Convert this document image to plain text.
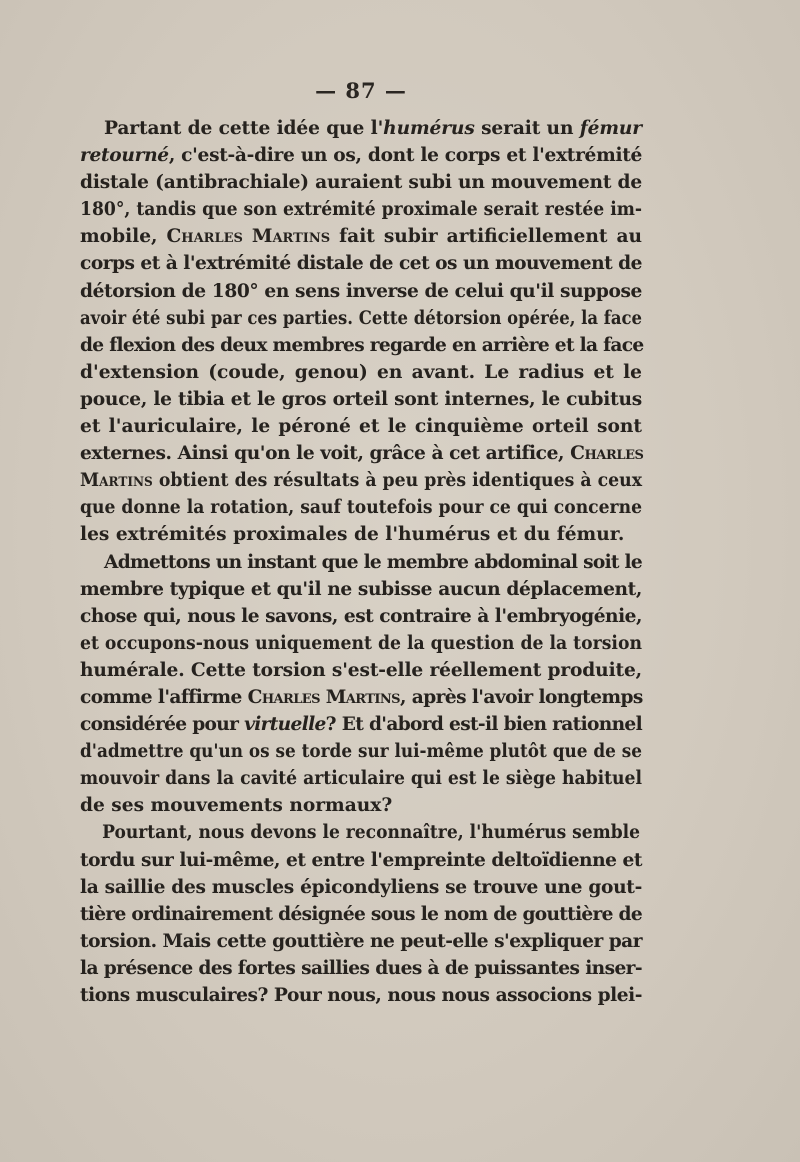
— 87 —
Partant de cette idée que l'humérus serait un fémur
retourné, c'est-à-dire un os, dont le corps et l'extrémité
distale (antibrachiale) auraient subi un mouvement de
180°, tandis que son extrémité proximale serait restée im-
mobile, Charles Martins fait subir artificiellement au
corps et à l'extrémité distale de cet os un mouvement de
détorsion de 180° en sens inverse de celui qu'il suppose
avoir été subi par ces parties. Cette détorsion opérée, la face
de flexion des deux membres regarde en arrière et la face
d'extension (coude, genou) en avant. Le radius et le
pouce, le tibia et le gros orteil sont internes, le cubitus
et l'auriculaire, le péroné et le cinquième orteil sont
externes. Ainsi qu'on le voit, grâce à cet artifice, Charles
Martins obtient des résultats à peu près identiques à ceux
que donne la rotation, sauf toutefois pour ce qui concerne
les extrémités proximales de l'humérus et du fémur.
Admettons un instant que le membre abdominal soit le
membre typique et qu'il ne subisse aucun déplacement,
chose qui, nous le savons, est contraire à l'embryogénie,
et occupons-nous uniquement de la question de la torsion
humérale. Cette torsion s'est-elle réellement produite,
comme l'affirme Charles Martins, après l'avoir longtemps
considérée pour virtuelle? Et d'abord est-il bien rationnel
d'admettre qu'un os se torde sur lui-même plutôt que de se
mouvoir dans la cavité articulaire qui est le siège habituel
de ses mouvements normaux?
Pourtant, nous devons le reconnaître, l'humérus semble
tordu sur lui-même, et entre l'empreinte deltoïdienne et
la saillie des muscles épicondyliens se trouve une gout-
tière ordinairement désignée sous le nom de gouttière de
torsion. Mais cette gouttière ne peut-elle s'expliquer par
la présence des fortes saillies dues à de puissantes inser-
tions musculaires? Pour nous, nous nous associons plei-
